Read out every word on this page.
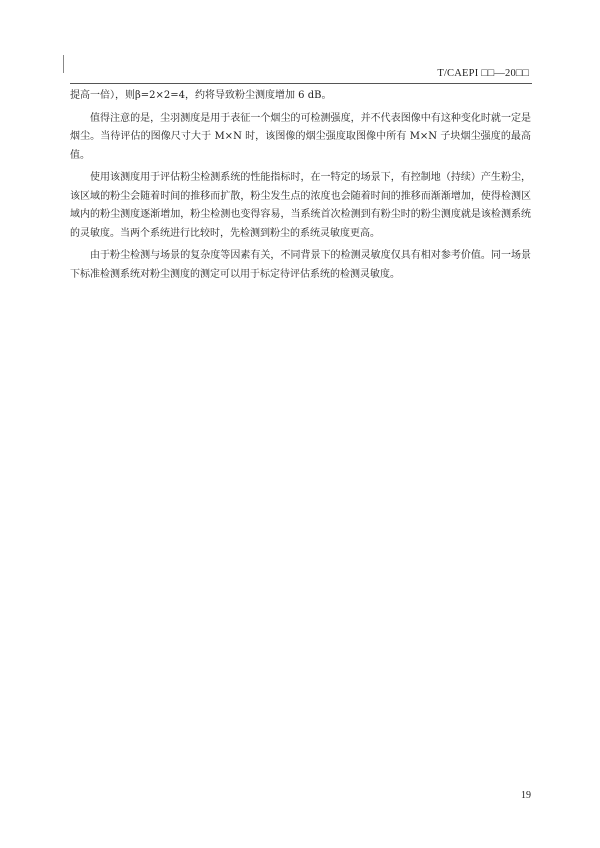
T/CAEPI □□—20□□

提高一倍），则β=2×2=4，约将导致粉尘测度增加 6 dB。

值得注意的是，尘羽测度是用于表征一个烟尘的可检测强度，并不代表图像中有这种变化时就一定是烟尘。当待评估的图像尺寸大于 M×N 时，该图像的烟尘强度取图像中所有 M×N 子块烟尘强度的最高值。

使用该测度用于评估粉尘检测系统的性能指标时，在一特定的场景下，有控制地（持续）产生粉尘，该区域的粉尘会随着时间的推移而扩散，粉尘发生点的浓度也会随着时间的推移而渐渐增加，使得检测区域内的粉尘测度逐渐增加，粉尘检测也变得容易，当系统首次检测到有粉尘时的粉尘测度就是该检测系统的灵敏度。当两个系统进行比较时，先检测到粉尘的系统灵敏度更高。

由于粉尘检测与场景的复杂度等因素有关，不同背景下的检测灵敏度仅具有相对参考价值。同一场景下标准检测系统对粉尘测度的测定可以用于标定待评估系统的检测灵敏度。

19
